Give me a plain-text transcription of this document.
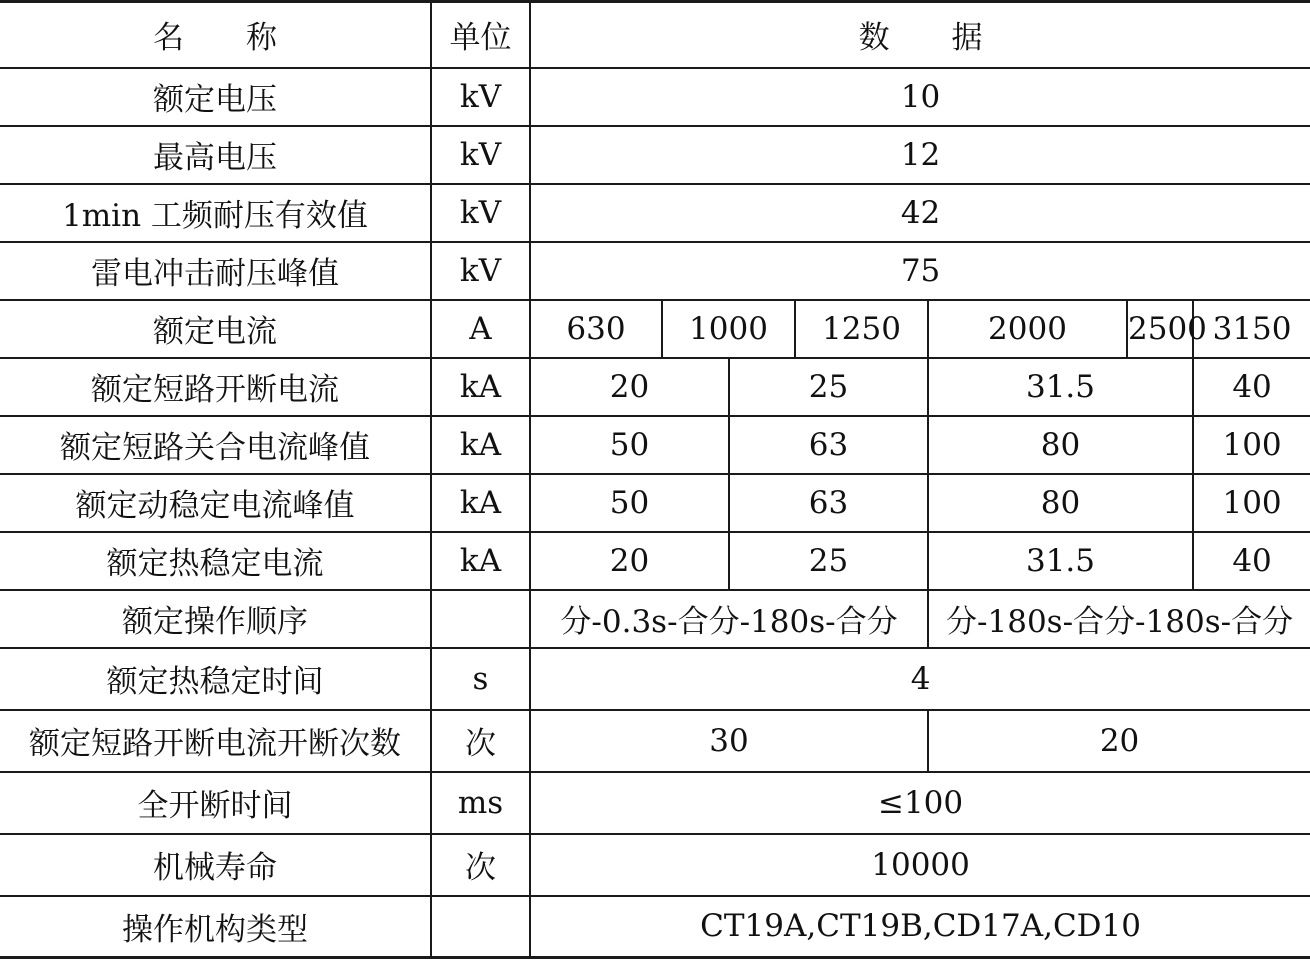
名　　称	单位	数　　据						
额定电压	kV	10						
最高电压	kV	12						
1min 工频耐压有效值	kV	42						
雷电冲击耐压峰值	kV	75						
额定电流	A	630	1000		1250	2000	2500	3150
额定短路开断电流	kA	20		25		31.5		40
额定短路关合电流峰值	kA	50		63		80		100
额定动稳定电流峰值	kA	50		63		80		100
额定热稳定电流	kA	20		25		31.5		40
额定操作顺序		分-0.3s-合分-180s-合分				分-180s-合分-180s-合分		
额定热稳定时间	s	4						
额定短路开断电流开断次数	次	30				20		
全开断时间	ms	≤100						
机械寿命	次	10000						
操作机构类型		CT19A,CT19B,CD17A,CD10						
